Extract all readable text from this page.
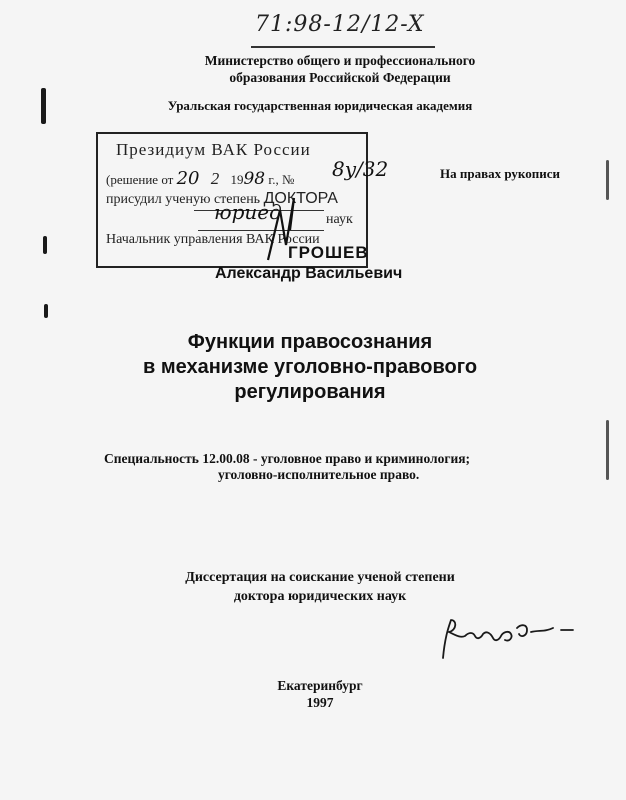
71:98-12/12-X
Министерство общего и профессионального
образования Российской Федерации
Уральская государственная юридическая академия
Президиум ВАК России
(решение от 20 2 1998 г., №
присудил ученую степень ДОКТОРА
наук
Начальник управления ВАК России
8y/32
юриед
На правах рукописи
ГРОШЕВ
Александр Васильевич
Функции правосознания
в механизме уголовно-правового
регулирования
Специальность 12.00.08 - уголовное право и криминология;
уголовно-исполнительное право.
Диссертация на соискание ученой степени
доктора юридических наук
Грошев
Екатеринбург
1997
